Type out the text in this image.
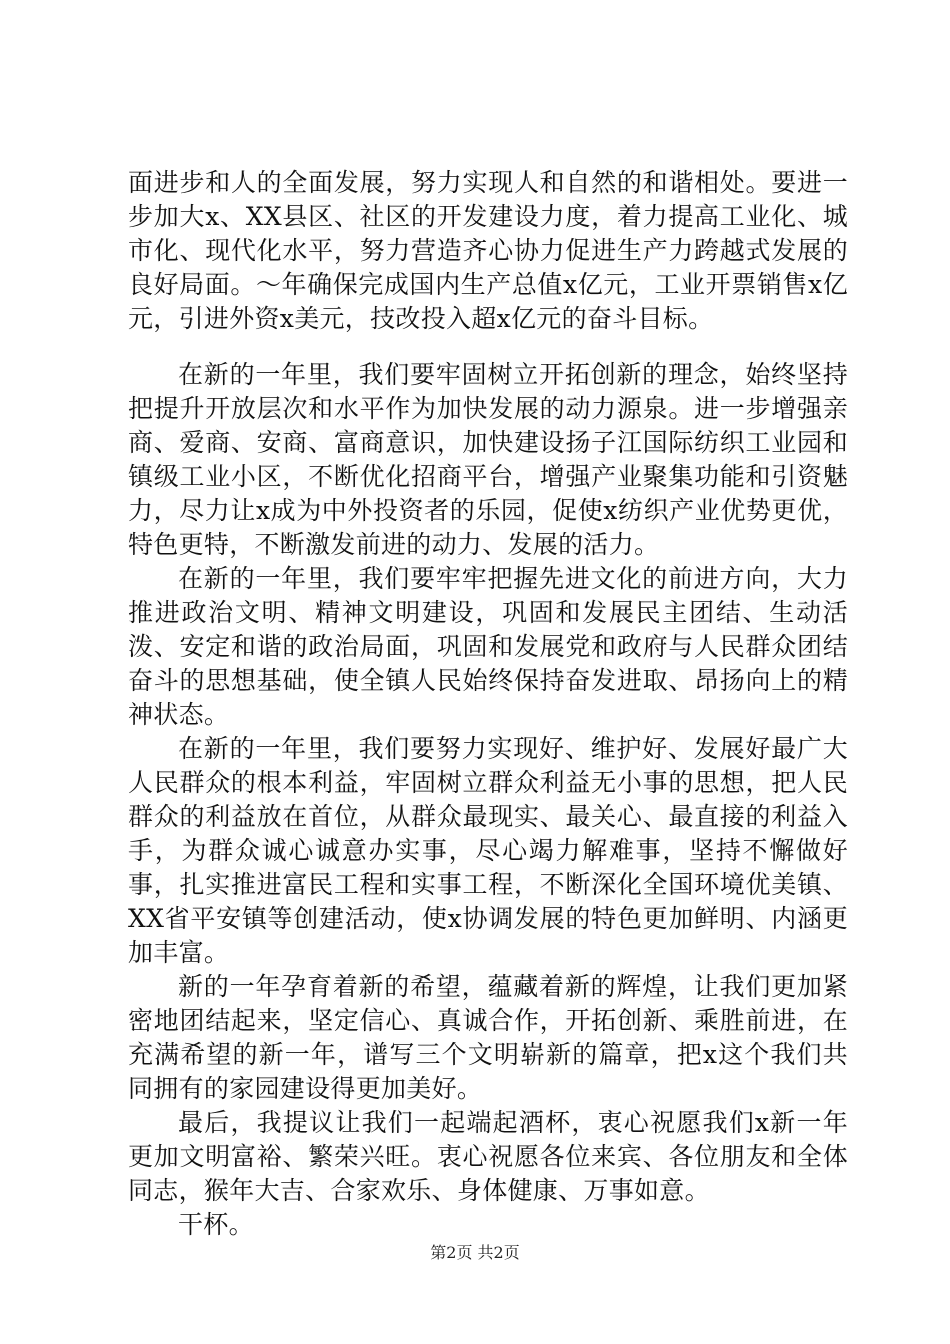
面进步和人的全面发展，努力实现人和自然的和谐相处。要进一步加大x、XX县区、社区的开发建设力度，着力提高工业化、城市化、现代化水平，努力营造齐心协力促进生产力跨越式发展的良好局面。～年确保完成国内生产总值x亿元，工业开票销售x亿元，引进外资x美元，技改投入超x亿元的奋斗目标。

在新的一年里，我们要牢固树立开拓创新的理念，始终坚持把提升开放层次和水平作为加快发展的动力源泉。进一步增强亲商、爱商、安商、富商意识，加快建设扬子江国际纺织工业园和镇级工业小区，不断优化招商平台，增强产业聚集功能和引资魅力，尽力让x成为中外投资者的乐园，促使x纺织产业优势更优，特色更特，不断激发前进的动力、发展的活力。

在新的一年里，我们要牢牢把握先进文化的前进方向，大力推进政治文明、精神文明建设，巩固和发展民主团结、生动活泼、安定和谐的政治局面，巩固和发展党和政府与人民群众团结奋斗的思想基础，使全镇人民始终保持奋发进取、昂扬向上的精神状态。

在新的一年里，我们要努力实现好、维护好、发展好最广大人民群众的根本利益，牢固树立群众利益无小事的思想，把人民群众的利益放在首位，从群众最现实、最关心、最直接的利益入手，为群众诚心诚意办实事，尽心竭力解难事，坚持不懈做好事，扎实推进富民工程和实事工程，不断深化全国环境优美镇、XX省平安镇等创建活动，使x协调发展的特色更加鲜明、内涵更加丰富。

新的一年孕育着新的希望，蕴藏着新的辉煌，让我们更加紧密地团结起来，坚定信心、真诚合作，开拓创新、乘胜前进，在充满希望的新一年，谱写三个文明崭新的篇章，把x这个我们共同拥有的家园建设得更加美好。

最后，我提议让我们一起端起酒杯，衷心祝愿我们x新一年更加文明富裕、繁荣兴旺。衷心祝愿各位来宾、各位朋友和全体同志，猴年大吉、合家欢乐、身体健康、万事如意。

干杯。

第2页 共2页
